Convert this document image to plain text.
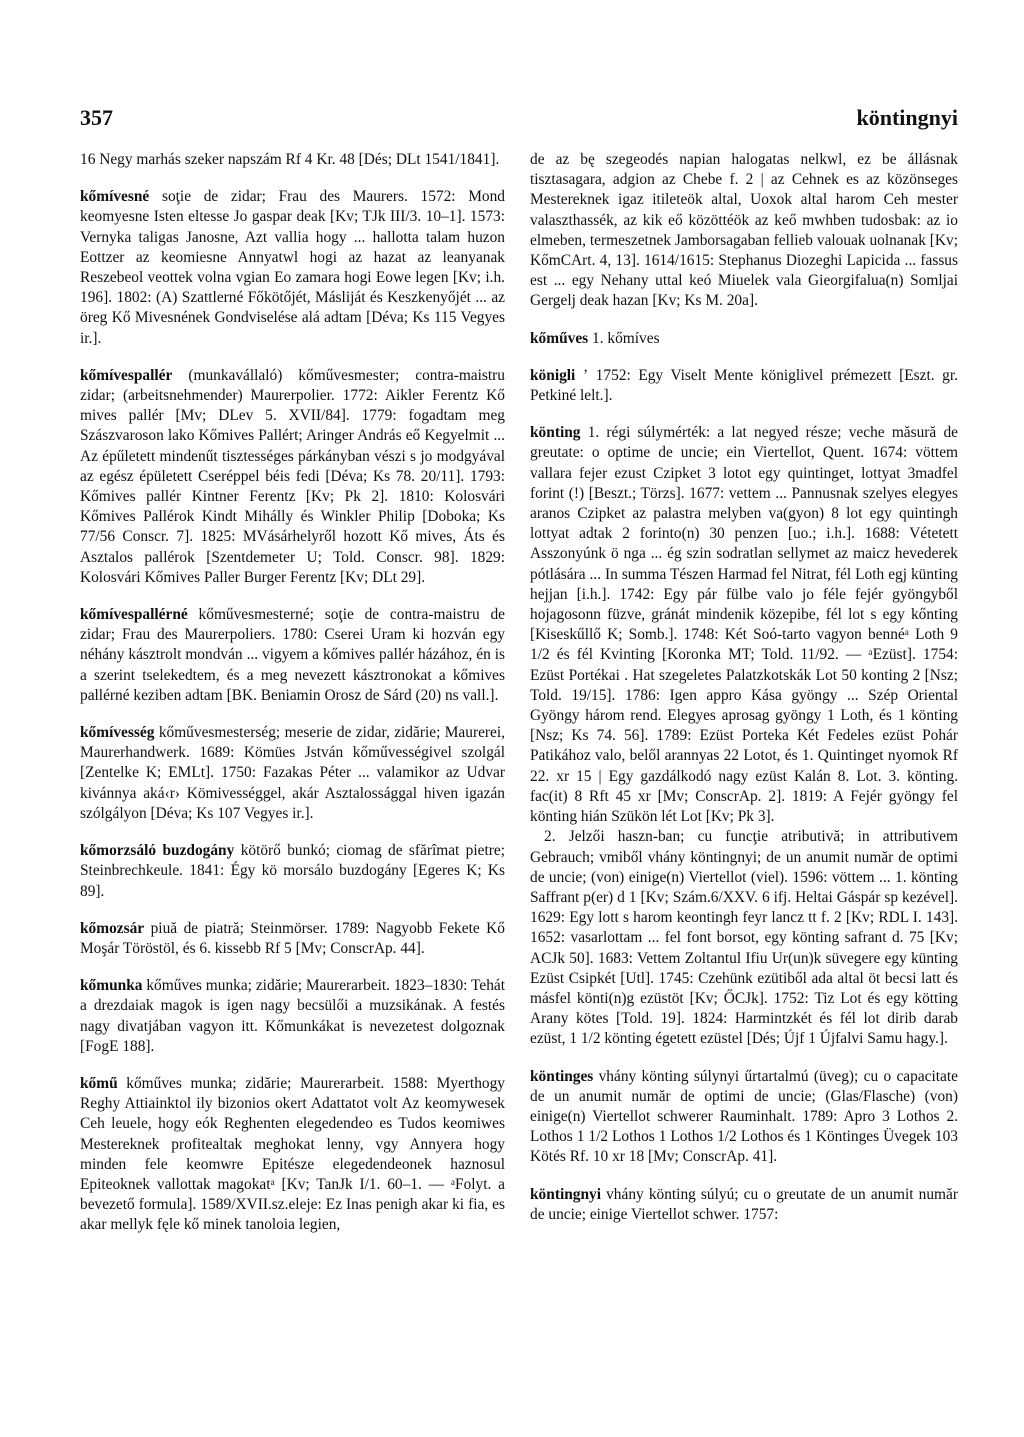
357	köntingnyi

16 Negy marhás szeker napszám Rf 4 Kr. 48 [Dés; DLt 1541/1841].

kőmívesné soţie de zidar; Frau des Maurers. 1572: Mond keomyesne Isten eltesse Jo gaspar deak [Kv; TJk III/3. 10–1]. 1573: Vernyka taligas Janosne, Azt vallia hogy ... hallotta talam huzon Eottzer az keomiesne Annyatwl hogi az hazat az leanyanak Reszebeol veottek volna vgian Eo zamara hogi Eowe legen [Kv; i.h. 196]. 1802: (A) Szattlerné Főkötőjét, Másliját és Keszkenyőjét ... az öreg Kő Mivesnének Gondviselése alá adtam [Déva; Ks 115 Vegyes ir.].

kőmívespallér (munkavállaló) kőművesmester; contra-maistru zidar; (arbeitsnehmender) Maurerpolier. 1772: Aikler Ferentz Kő mives pallér [Mv; DLev 5. XVII/84]. 1779: fogadtam meg Szászvaroson lako Kőmives Pallért; Aringer András eő Kegyelmit ... Az épűletett mindenűt tisztességes párkányban vészi s jo modgyával az egész épületett Cseréppel béis fedi [Déva; Ks 78. 20/11]. 1793: Kőmives pallér Kintner Ferentz [Kv; Pk 2]. 1810: Kolosvári Kőmives Pallérok Kindt Mihálly és Winkler Philip [Doboka; Ks 77/56 Conscr. 7]. 1825: MVásárhelyről hozott Kő mives, Áts és Asztalos pallérok [Szentdemeter U; Told. Conscr. 98]. 1829: Kolosvári Kőmives Paller Burger Ferentz [Kv; DLt 29].

kőmívespallérné kőművesmesterné; soţie de contra-maistru de zidar; Frau des Maurerpoliers. 1780: Cserei Uram ki hozván egy néhány kásztrolt mondván ... vigyem a kőmives pallér házához, én is a szerint tselekedtem, és a meg nevezett kásztronokat a kőmives pallérné keziben adtam [BK. Beniamin Orosz de Sárd (20) ns vall.].

kőmívesség kőművesmesterség; meserie de zidar, zidărie; Maurerei, Maurerhandwerk. 1689: Kömües Jstván kőművességivel szolgál [Zentelke K; EMLt]. 1750: Fazakas Péter ... valamikor az Udvar kivánnya aká‹r› Kömivességgel, akár Asztalossággal hiven igazán szólgályon [Déva; Ks 107 Vegyes ir.].

kőmorzsáló buzdogány kötörő bunkó; ciomag de sfărîmat pietre; Steinbrechkeule. 1841: Égy kö morsálo buzdogány [Egeres K; Ks 89].

kőmozsár piuă de piatră; Steinmörser. 1789: Nagyobb Fekete Kő Moşár Töröstöl, és 6. kissebb Rf 5 [Mv; ConscrAp. 44].

kőmunka kőműves munka; zidărie; Maurerarbeit. 1823–1830: Tehát a drezdaiak magok is igen nagy becsülői a muzsikának. A festés nagy divatjában vagyon itt. Kőmunkákat is nevezetest dolgoznak [FogE 188].

kőmű kőműves munka; zidărie; Maurerarbeit. 1588: Myerthogy Reghy Attiainktol ily bizonios okert Adattatot volt Az keomywesek Ceh leuele, hogy eók Reghenten elegedendeo es Tudos keomiwes Mestereknek profitealtak meghokat lenny, vgy Annyera hogy minden fele keomwre Epitésze elegedendeonek haznosul Epiteoknek vallottak magokatᵃ [Kv; TanJk I/1. 60–1. — ᵃFolyt. a bevezető formula]. 1589/XVII.sz.eleje: Ez Inas penigh akar ki fia, es akar mellyk fęle kő minek tanoloia legien,

de az bę szegeodés napian halogatas nelkwl, ez be állásnak tisztasagara, adgion az Chebe f. 2 | az Cehnek es az közönseges Mestereknek igaz itileteök altal, Uoxok altal harom Ceh mester valaszthassék, az kik eő közöttéök az keő mwhben tudosbak: az io elmeben, termeszetnek Jamborsagaban fellieb valouak uolnanak [Kv; KőmCArt. 4, 13]. 1614/1615: Stephanus Diozeghi Lapicida ... fassus est ... egy Nehany uttal keó Miuelek vala Gieorgifalua(n) Somljai Gergelj deak hazan [Kv; Ks M. 20a].

kőműves 1. kőmíves

königli ʼ 1752: Egy Viselt Mente königlivel prémezett [Eszt. gr. Petkiné lelt.].

könting 1. régi súlymérték: a lat negyed része; veche măsură de greutate: o optime de uncie; ein Viertellot, Quent. 1674: vöttem vallara fejer ezust Czipket 3 lotot egy quintinget, lottyat 3madfel forint (!) [Beszt.; Törzs]. 1677: vettem ... Pannusnak szelyes elegyes aranos Czipket az palastra melyben va(gyon) 8 lot egy quintingh lottyat adtak 2 forinto(n) 30 penzen [uo.; i.h.]. 1688: Vétetett Asszonyúnk ö nga ... ég szin sodratlan sellymet az maicz hevederek pótlására ... In summa Tészen Harmad fel Nitrat, fél Loth egj künting hejjan [i.h.]. 1742: Egy pár fülbe valo jo féle fejér gyöngyből hojagosonn füzve, gránát mindenik közepibe, fél lot s egy kőnting [Kiseskűllő K; Somb.]. 1748: Két Soó-tarto vagyon bennéᵃ Loth 9 1/2 és fél Kvinting [Koronka MT; Told. 11/92. — ᵃEzüst]. 1754: Ezüst Portékai . Hat szegeletes Palatzkotskák Lot 50 konting 2 [Nsz; Told. 19/15]. 1786: Igen appro Kása gyöngy ... Szép Oriental Gyöngy három rend. Elegyes aprosag gyöngy 1 Loth, és 1 könting [Nsz; Ks 74. 56]. 1789: Ezüst Porteka Két Fedeles ezüst Pohár Patikához valo, belől arannyas 22 Lotot, és 1. Quintinget nyomok Rf 22. xr 15 | Egy gazdálkodó nagy ezüst Kalán 8. Lot. 3. könting. fac(it) 8 Rft 45 xr [Mv; ConscrAp. 2]. 1819: A Fejér gyöngy fel könting hián Szükön lét Lot [Kv; Pk 3].

2. Jelzői haszn-ban; cu funcţie atributivă; in attributivem Gebrauch; vmiből vhány köntingnyi; de un anumit număr de optimi de uncie; (von) einige(n) Viertellot (viel). 1596: vöttem ... 1. könting Saffrant p(er) d 1 [Kv; Szám.6/XXV. 6 ifj. Heltai Gáspár sp kezével]. 1629: Egy lott s harom keontingh feyr lancz tt f. 2 [Kv; RDL I. 143]. 1652: vasarlottam ... fel font borsot, egy könting safrant d. 75 [Kv; ACJk 50]. 1683: Vettem Zoltantul Ifiu Ur(un)k süvegere egy künting Ezüst Csipkét [Utl]. 1745: Czehünk ezütiből ada altal öt becsi latt és másfel könti(n)g ezüstöt [Kv; ŐCJk]. 1752: Tiz Lot és egy kötting Arany kötes [Told. 19]. 1824: Harmintzkét és fél lot dirib darab ezüst, 1 1/2 könting égetett ezüstel [Dés; Újf 1 Újfalvi Samu hagy.].

köntinges vhány könting súlynyi űrtartalmú (üveg); cu o capacitate de un anumit număr de optimi de uncie; (Glas/Flasche) (von) einige(n) Viertellot schwerer Rauminhalt. 1789: Apro 3 Lothos 2. Lothos 1 1/2 Lothos 1 Lothos 1/2 Lothos és 1 Köntinges Üvegek 103 Kötés Rf. 10 xr 18 [Mv; ConscrAp. 41].

köntingnyi vhány könting súlyú; cu o greutate de un anumit număr de uncie; einige Viertellot schwer. 1757:
